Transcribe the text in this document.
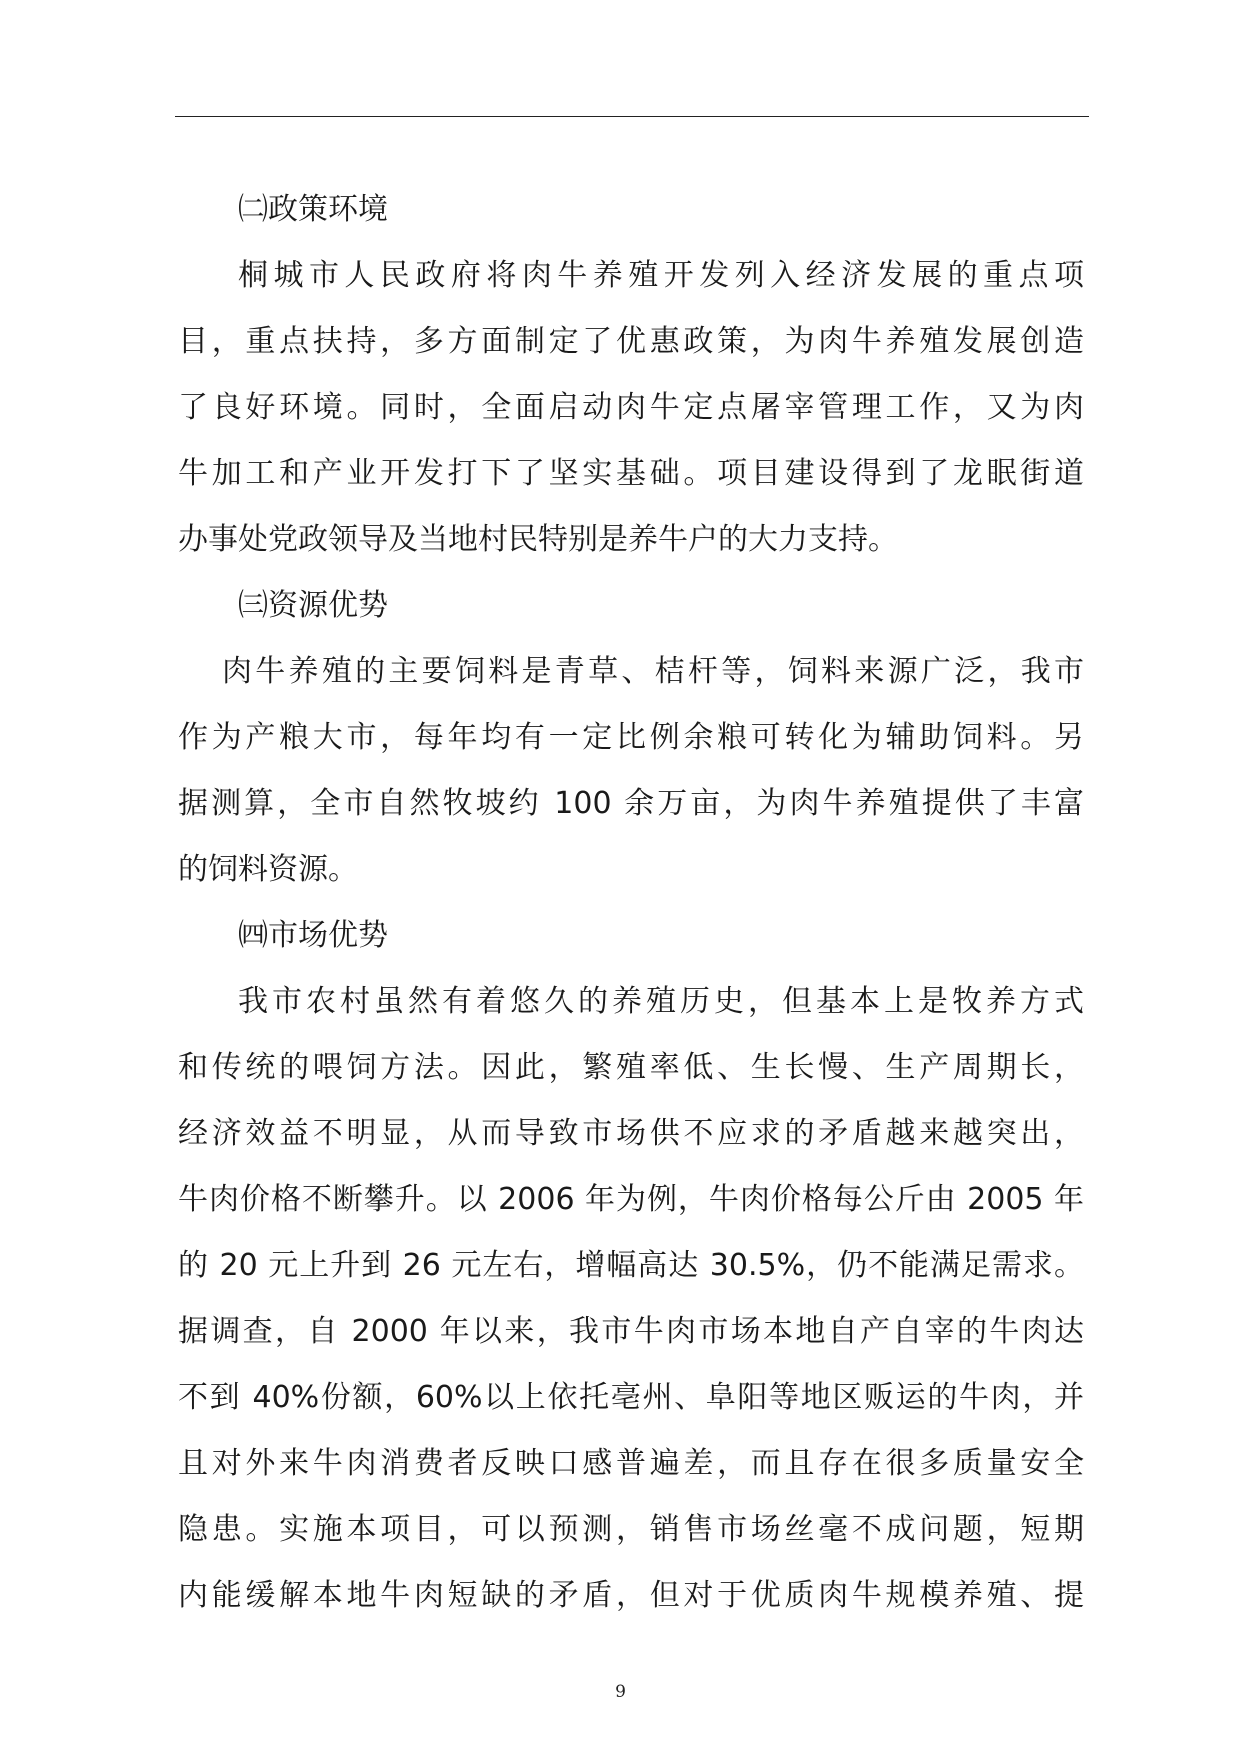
㈡政策环境
桐城市人民政府将肉牛养殖开发列入经济发展的重点项
目，重点扶持，多方面制定了优惠政策，为肉牛养殖发展创造
了良好环境。同时，全面启动肉牛定点屠宰管理工作，又为肉
牛加工和产业开发打下了坚实基础。项目建设得到了龙眠街道
办事处党政领导及当地村民特别是养牛户的大力支持。
㈢资源优势
肉牛养殖的主要饲料是青草、桔杆等，饲料来源广泛，我市
作为产粮大市，每年均有一定比例余粮可转化为辅助饲料。另
据测算，全市自然牧坡约 100 余万亩，为肉牛养殖提供了丰富
的饲料资源。
㈣市场优势
我市农村虽然有着悠久的养殖历史，但基本上是牧养方式
和传统的喂饲方法。因此，繁殖率低、生长慢、生产周期长，
经济效益不明显，从而导致市场供不应求的矛盾越来越突出，
牛肉价格不断攀升。以 2006 年为例，牛肉价格每公斤由 2005 年
的 20 元上升到 26 元左右，增幅高达 30.5%，仍不能满足需求。
据调查，自 2000 年以来，我市牛肉市场本地自产自宰的牛肉达
不到 40%份额，60%以上依托亳州、阜阳等地区贩运的牛肉，并
且对外来牛肉消费者反映口感普遍差，而且存在很多质量安全
隐患。实施本项目，可以预测，销售市场丝毫不成问题，短期
内能缓解本地牛肉短缺的矛盾，但对于优质肉牛规模养殖、提
9
